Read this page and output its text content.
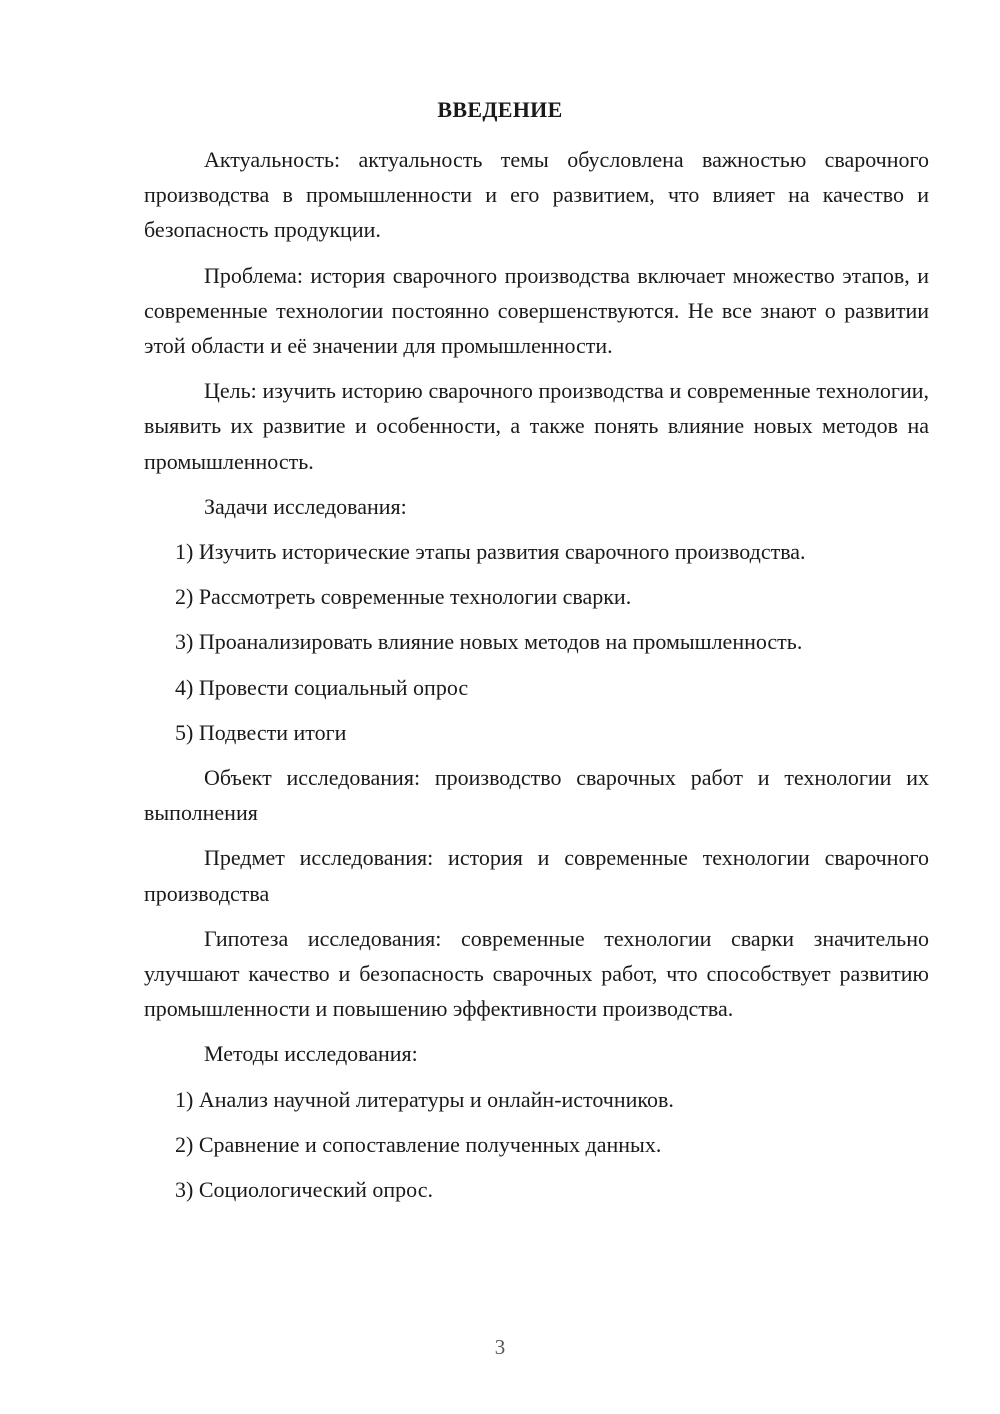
ВВЕДЕНИЕ

Актуальность: актуальность темы обусловлена важностью сварочного производства в промышленности и его развитием, что влияет на качество и безопасность продукции.

Проблема: история сварочного производства включает множество этапов, и современные технологии постоянно совершенствуются. Не все знают о развитии этой области и её значении для промышленности.

Цель: изучить историю сварочного производства и современные технологии, выявить их развитие и особенности, а также понять влияние новых методов на промышленность.

Задачи исследования:

1) Изучить исторические этапы развития сварочного производства.

2) Рассмотреть современные технологии сварки.

3) Проанализировать влияние новых методов на промышленность.

4) Провести социальный опрос

5) Подвести итоги

Объект исследования: производство сварочных работ и технологии их выполнения

Предмет исследования: история и современные технологии сварочного производства

Гипотеза исследования: современные технологии сварки значительно улучшают качество и безопасность сварочных работ, что способствует развитию промышленности и повышению эффективности производства.

Методы исследования:

1) Анализ научной литературы и онлайн-источников.

2) Сравнение и сопоставление полученных данных.

3) Социологический опрос.

3
